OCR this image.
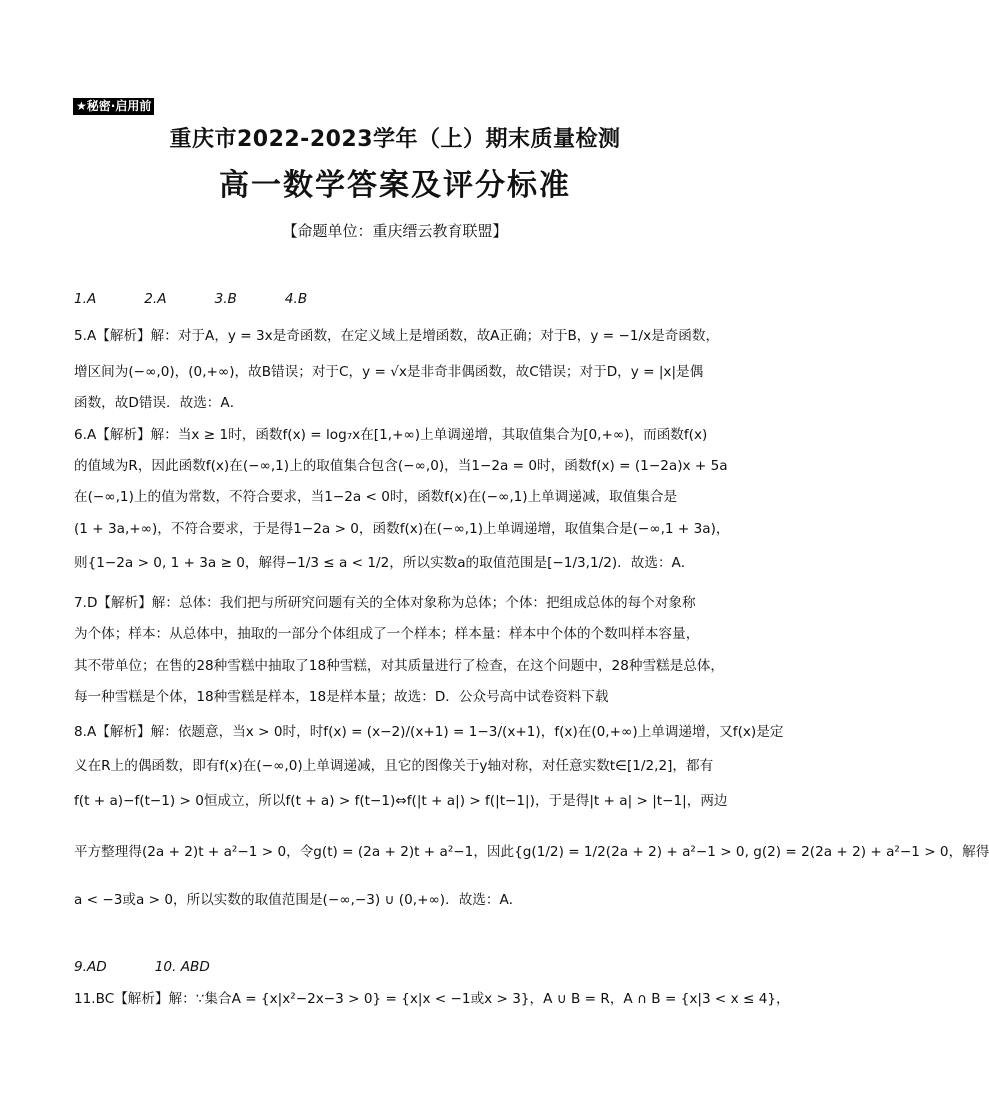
★秘密·启用前
重庆市2022-2023学年（上）期末质量检测
高一数学答案及评分标准
【命题单位：重庆缙云教育联盟】
1.A	2.A	3.B	4.B
5.A【解析】解：对于A，y = 3x是奇函数，在定义域上是增函数，故A正确；对于B，y = −1/x是奇函数，
增区间为(−∞,0)，(0,+∞)，故B错误；对于C，y = √x是非奇非偶函数，故C错误；对于D，y = |x|是偶
函数，故D错误．故选：A．
6.A【解析】解：当x ≥ 1时，函数f(x) = log₇x在[1,+∞)上单调递增，其取值集合为[0,+∞)，而函数f(x)
的值域为R，因此函数f(x)在(−∞,1)上的取值集合包含(−∞,0)，当1−2a = 0时，函数f(x) = (1−2a)x + 5a
在(−∞,1)上的值为常数，不符合要求，当1−2a < 0时，函数f(x)在(−∞,1)上单调递减，取值集合是
(1 + 3a,+∞)，不符合要求，于是得1−2a > 0，函数f(x)在(−∞,1)上单调递增，取值集合是(−∞,1 + 3a)，
则{1−2a > 0, 1 + 3a ≥ 0，解得−1/3 ≤ a < 1/2，所以实数a的取值范围是[−1/3,1/2)．故选：A．
7.D【解析】解：总体：我们把与所研究问题有关的全体对象称为总体；个体：把组成总体的每个对象称
为个体；样本：从总体中，抽取的一部分个体组成了一个样本；样本量：样本中个体的个数叫样本容量，
其不带单位；在售的28种雪糕中抽取了18种雪糕，对其质量进行了检查，在这个问题中，28种雪糕是总体，
每一种雪糕是个体，18种雪糕是样本，18是样本量；故选：D．公众号高中试卷资料下载
8.A【解析】解：依题意，当x > 0时，时f(x) = (x−2)/(x+1) = 1−3/(x+1)，f(x)在(0,+∞)上单调递增，又f(x)是定
义在R上的偶函数，即有f(x)在(−∞,0)上单调递减，且它的图像关于y轴对称，对任意实数t∈[1/2,2]，都有
f(t + a)−f(t−1) > 0恒成立，所以f(t + a) > f(t−1)⇔f(|t + a|) > f(|t−1|)，于是得|t + a| > |t−1|，两边
平方整理得(2a + 2)t + a²−1 > 0，令g(t) = (2a + 2)t + a²−1，因此{g(1/2) = 1/2(2a + 2) + a²−1 > 0, g(2) = 2(2a + 2) + a²−1 > 0，解得
a < −3或a > 0，所以实数的取值范围是(−∞,−3) ∪ (0,+∞)．故选：A．
9.AD	10. ABD
11.BC【解析】解：∵集合A = {x|x²−2x−3 > 0} = {x|x < −1或x > 3}，A ∪ B = R，A ∩ B = {x|3 < x ≤ 4}，
